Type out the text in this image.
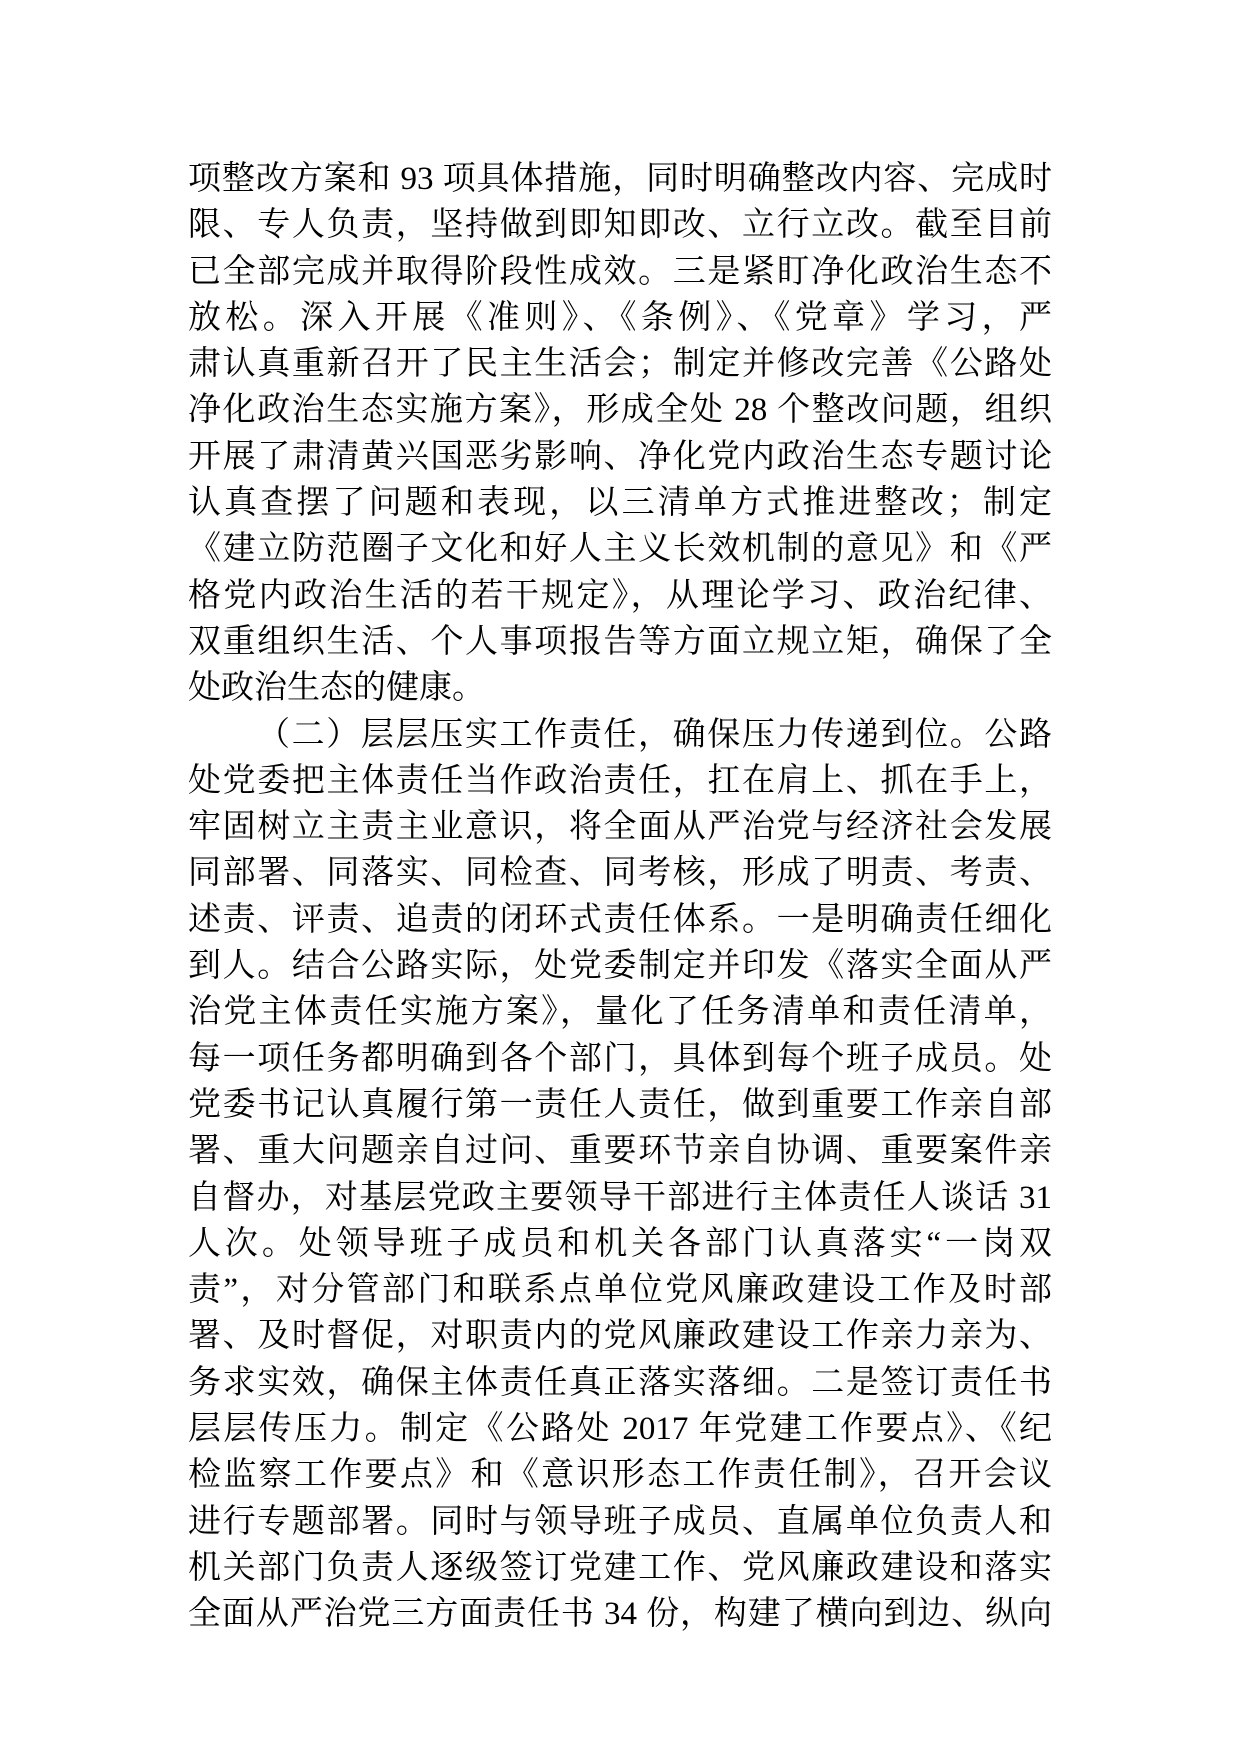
项整改方案和 93 项具体措施，同时明确整改内容、完成时
限、专人负责，坚持做到即知即改、立行立改。截至目前
已全部完成并取得阶段性成效。三是紧盯净化政治生态不
放松。深入开展《准则》、《条例》、《党章》学习，严
肃认真重新召开了民主生活会；制定并修改完善《公路处
净化政治生态实施方案》，形成全处 28 个整改问题，组织
开展了肃清黄兴国恶劣影响、净化党内政治生态专题讨论
认真查摆了问题和表现，以三清单方式推进整改；制定
《建立防范圈子文化和好人主义长效机制的意见》和《严
格党内政治生活的若干规定》，从理论学习、政治纪律、
双重组织生活、个人事项报告等方面立规立矩，确保了全
处政治生态的健康。
（二）层层压实工作责任，确保压力传递到位。公路
处党委把主体责任当作政治责任，扛在肩上、抓在手上，
牢固树立主责主业意识，将全面从严治党与经济社会发展
同部署、同落实、同检查、同考核，形成了明责、考责、
述责、评责、追责的闭环式责任体系。一是明确责任细化
到人。结合公路实际，处党委制定并印发《落实全面从严
治党主体责任实施方案》，量化了任务清单和责任清单，
每一项任务都明确到各个部门，具体到每个班子成员。处
党委书记认真履行第一责任人责任，做到重要工作亲自部
署、重大问题亲自过问、重要环节亲自协调、重要案件亲
自督办，对基层党政主要领导干部进行主体责任人谈话 31
人次。处领导班子成员和机关各部门认真落实“一岗双
责”，对分管部门和联系点单位党风廉政建设工作及时部
署、及时督促，对职责内的党风廉政建设工作亲力亲为、
务求实效，确保主体责任真正落实落细。二是签订责任书
层层传压力。制定《公路处 2017 年党建工作要点》、《纪
检监察工作要点》和《意识形态工作责任制》，召开会议
进行专题部署。同时与领导班子成员、直属单位负责人和
机关部门负责人逐级签订党建工作、党风廉政建设和落实
全面从严治党三方面责任书 34 份，构建了横向到边、纵向
